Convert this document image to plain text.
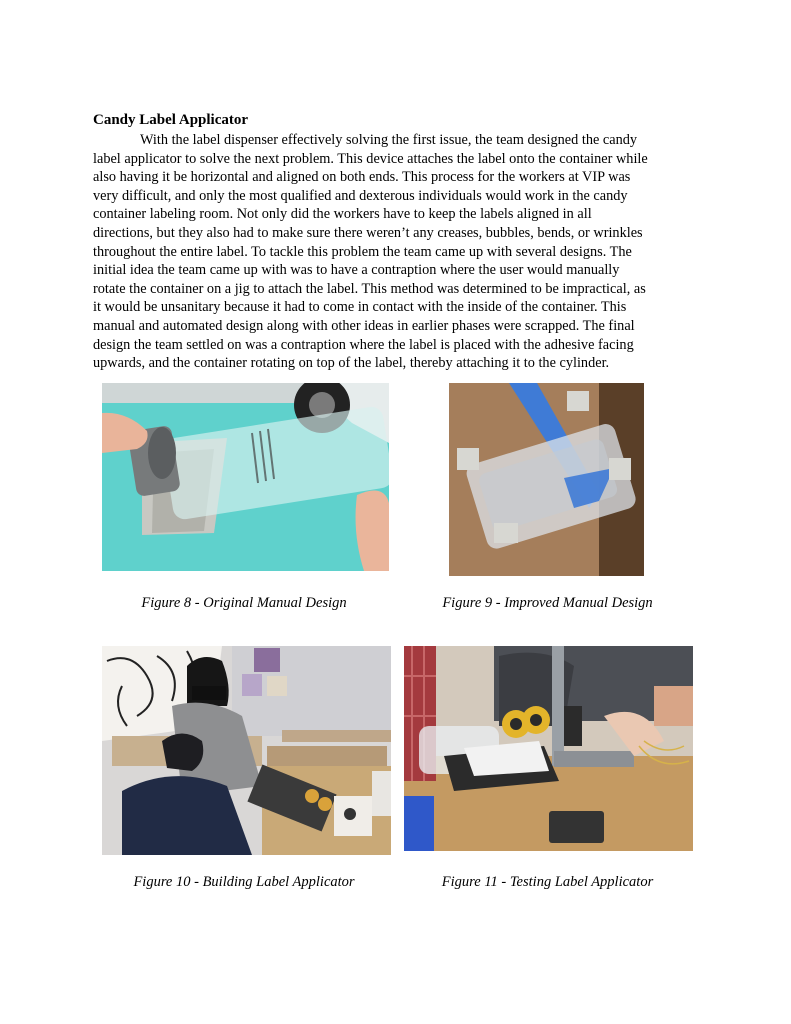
Candy Label Applicator
With the label dispenser effectively solving the first issue, the team designed the candy
label applicator to solve the next problem. This device attaches the label onto the container while
also having it be horizontal and aligned on both ends. This process for the workers at VIP was
very difficult, and only the most qualified and dexterous individuals would work in the candy
container labeling room. Not only did the workers have to keep the labels aligned in all
directions, but they also had to make sure there weren’t any creases, bubbles, bends, or wrinkles
throughout the entire label. To tackle this problem the team came up with several designs. The
initial idea the team came up with was to have a contraption where the user would manually
rotate the container on a jig to attach the label. This method was determined to be impractical, as
it would be unsanitary because it had to come in contact with the inside of the container. This
manual and automated design along with other ideas in earlier phases were scrapped. The final
design the team settled on was a contraption where the label is placed with the adhesive facing
upwards, and the container rotating on top of the label, thereby attaching it to the cylinder.
Figure 8 - Original Manual Design	Figure 9 - Improved Manual Design
Figure 10 - Building Label Applicator	Figure 11 - Testing Label Applicator
